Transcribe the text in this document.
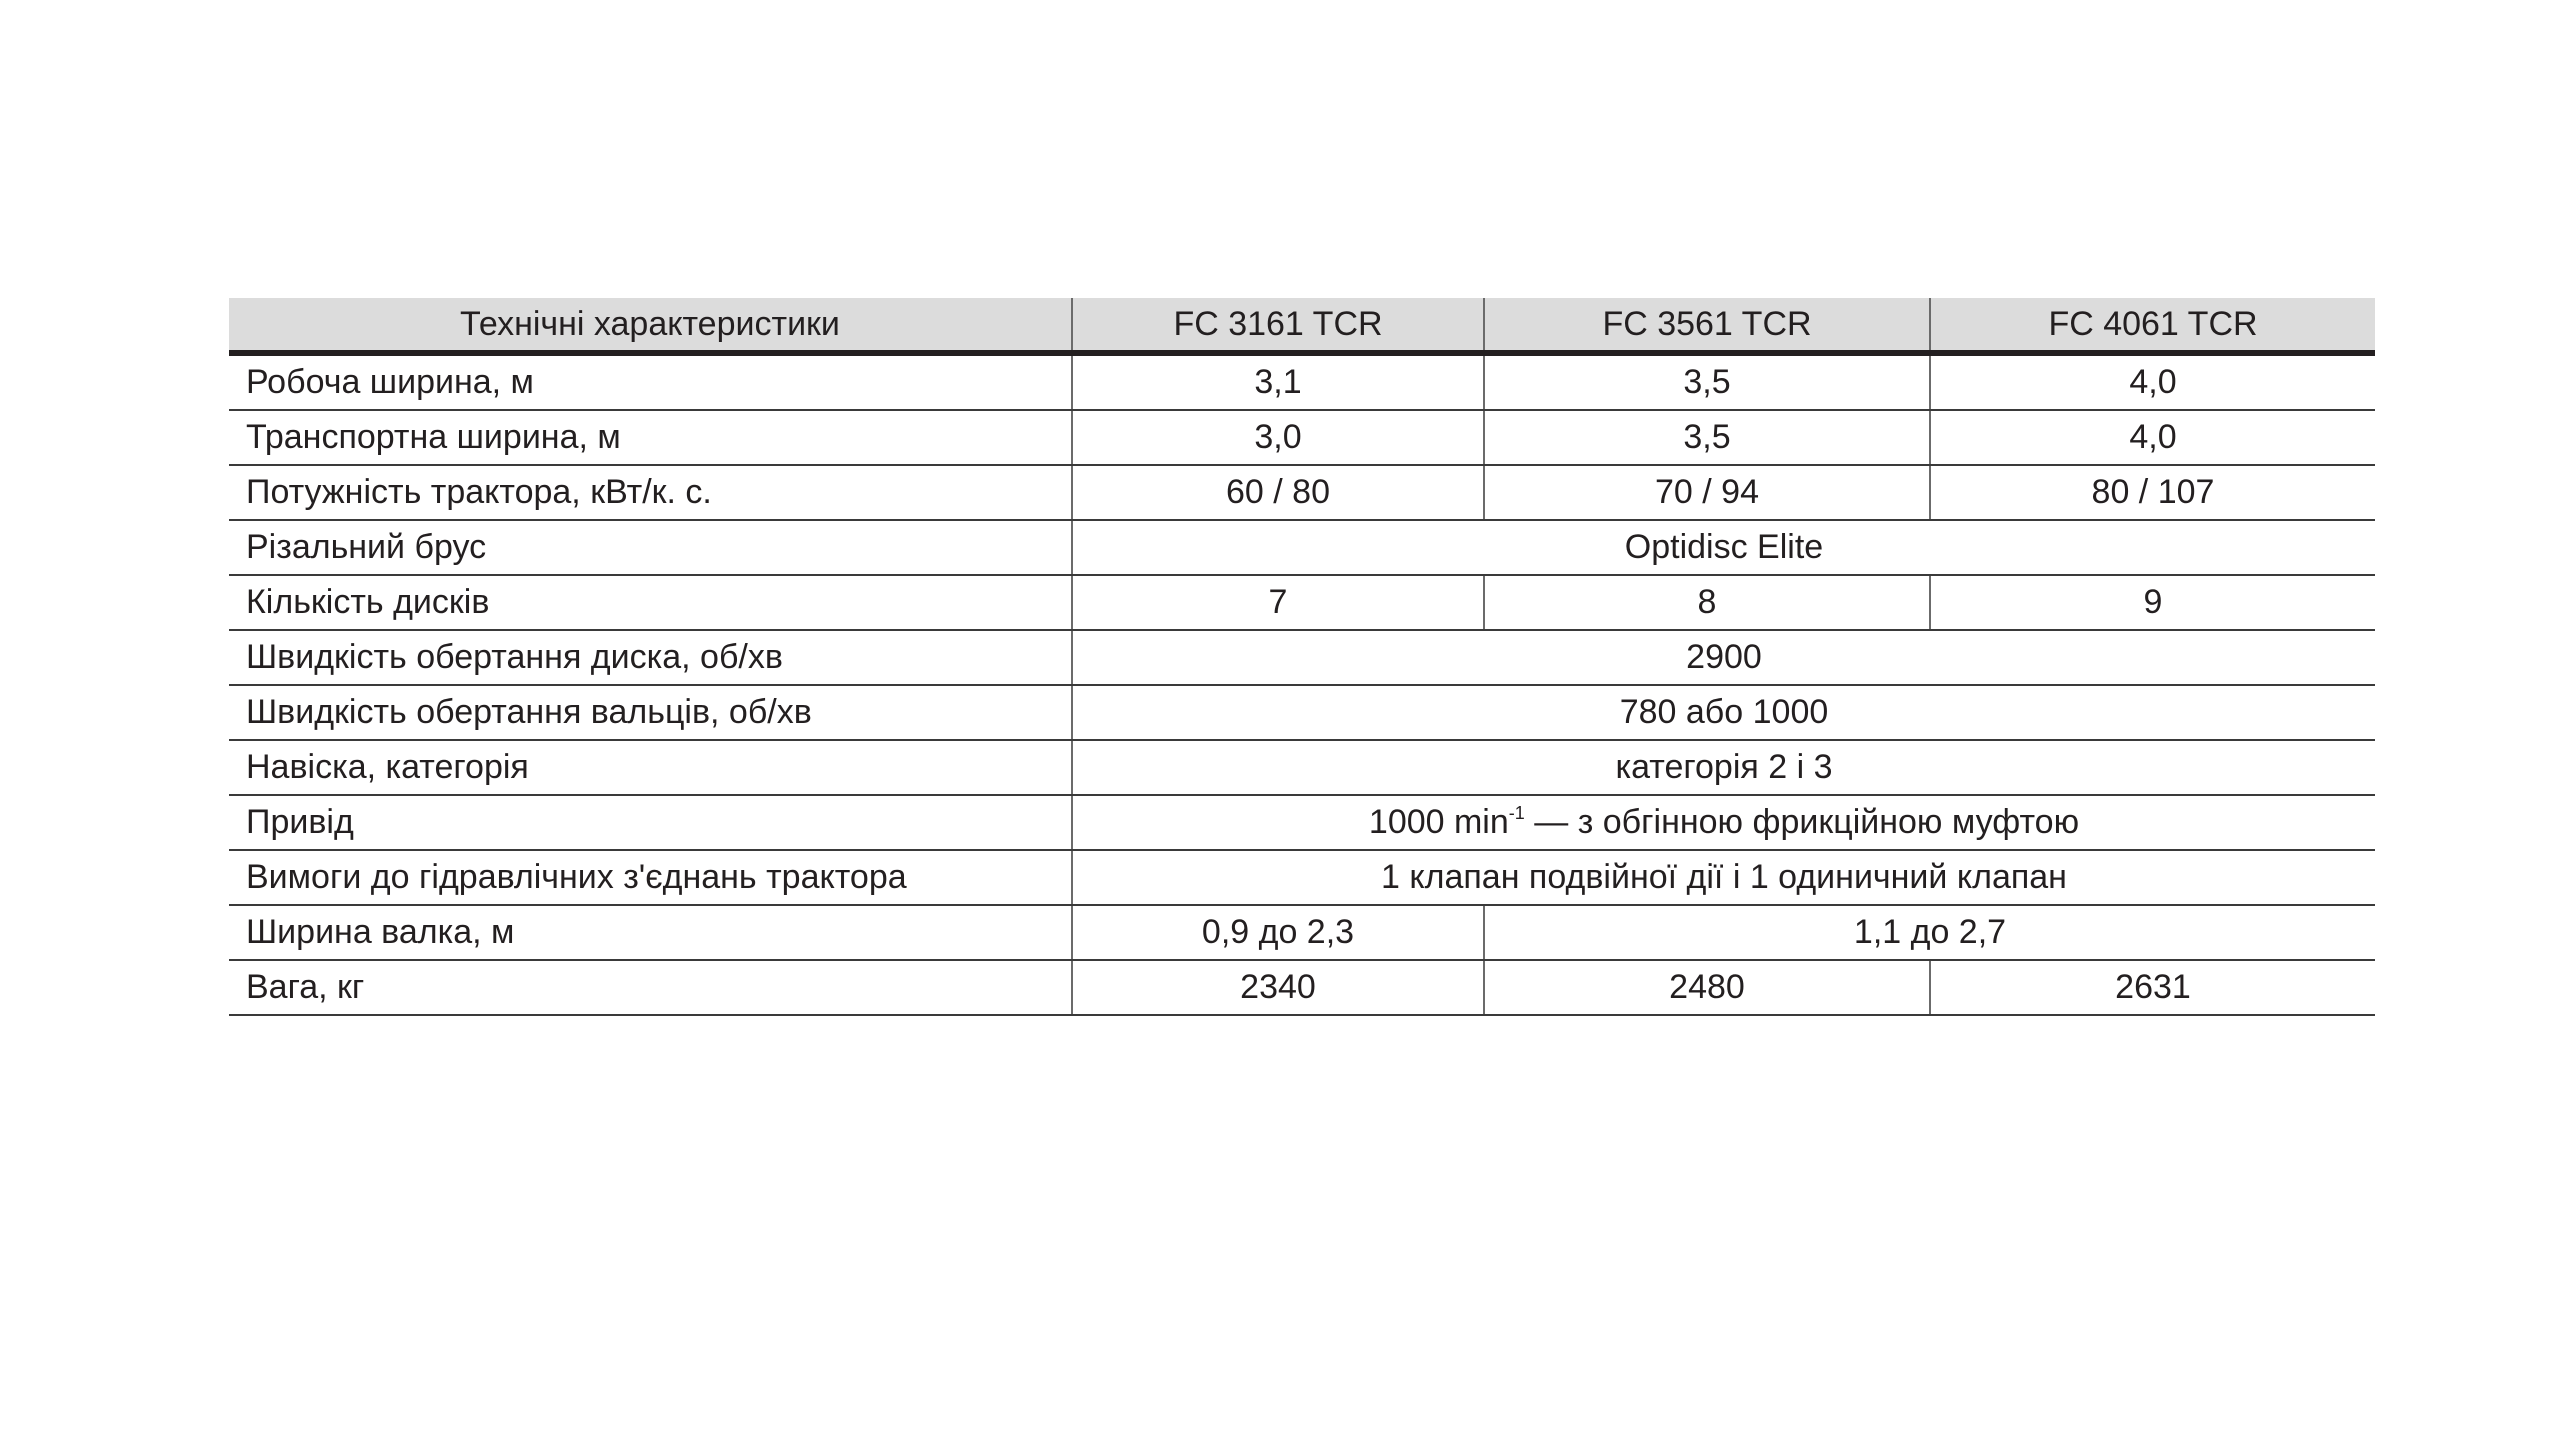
Технічні характеристики	FC 3161 TCR	FC 3561 TCR	FC 4061 TCR
Робоча ширина, м	3,1	3,5	4,0
Транспортна ширина, м	3,0	3,5	4,0
Потужність трактора, кВт/к. с.	60 / 80	70 / 94	80 / 107
Різальний брус	Optidisc Elite		
Кількість дисків	7	8	9
Швидкість обертання диска, об/хв	2900		
Швидкість обертання вальців, об/хв	780 або 1000		
Навіска, категорія	категорія 2 і 3		
Привід	1000 $\min^{-1}$ — з обгінною фрикційною муфтою		
Вимоги до гідравлічних з'єднань трактора	1 клапан подвійної дії і 1 одиничний клапан		
Ширина валка, м	0,9 до 2,3	1,1 до 2,7	
Вага, кг	2340	2480	2631
